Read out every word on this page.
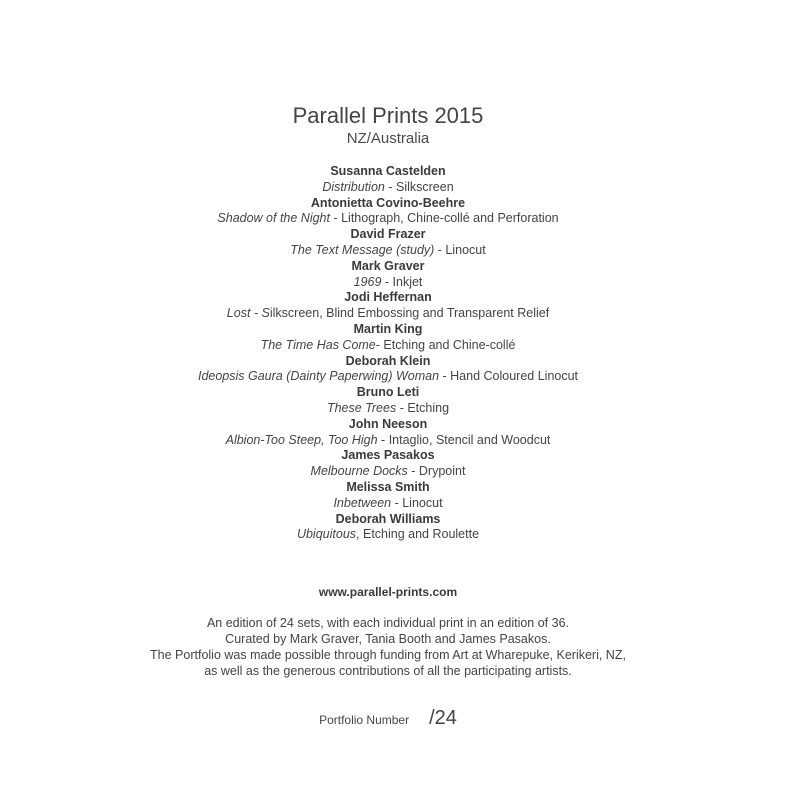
Parallel Prints 2015
NZ/Australia
Susanna Castelden
Distribution - Silkscreen
Antonietta Covino-Beehre
Shadow of the Night - Lithograph, Chine-collé and Perforation
David Frazer
The Text Message (study) - Linocut
Mark Graver
1969 - Inkjet
Jodi Heffernan
Lost - Silkscreen, Blind Embossing and Transparent Relief
Martin King
The Time Has Come- Etching and Chine-collé
Deborah Klein
Ideopsis Gaura (Dainty Paperwing) Woman - Hand Coloured Linocut
Bruno Leti
These Trees - Etching
John Neeson
Albion-Too Steep, Too High - Intaglio, Stencil and Woodcut
James Pasakos
Melbourne Docks - Drypoint
Melissa Smith
Inbetween - Linocut
Deborah Williams
Ubiquitous, Etching and Roulette
www.parallel-prints.com
An edition of 24 sets, with each individual print in an edition of 36.
Curated by Mark Graver, Tania Booth and James Pasakos.
The Portfolio was made possible through funding from Art at Wharepuke, Kerikeri, NZ,
as well as the generous contributions of all the participating artists.
Portfolio Number /24
